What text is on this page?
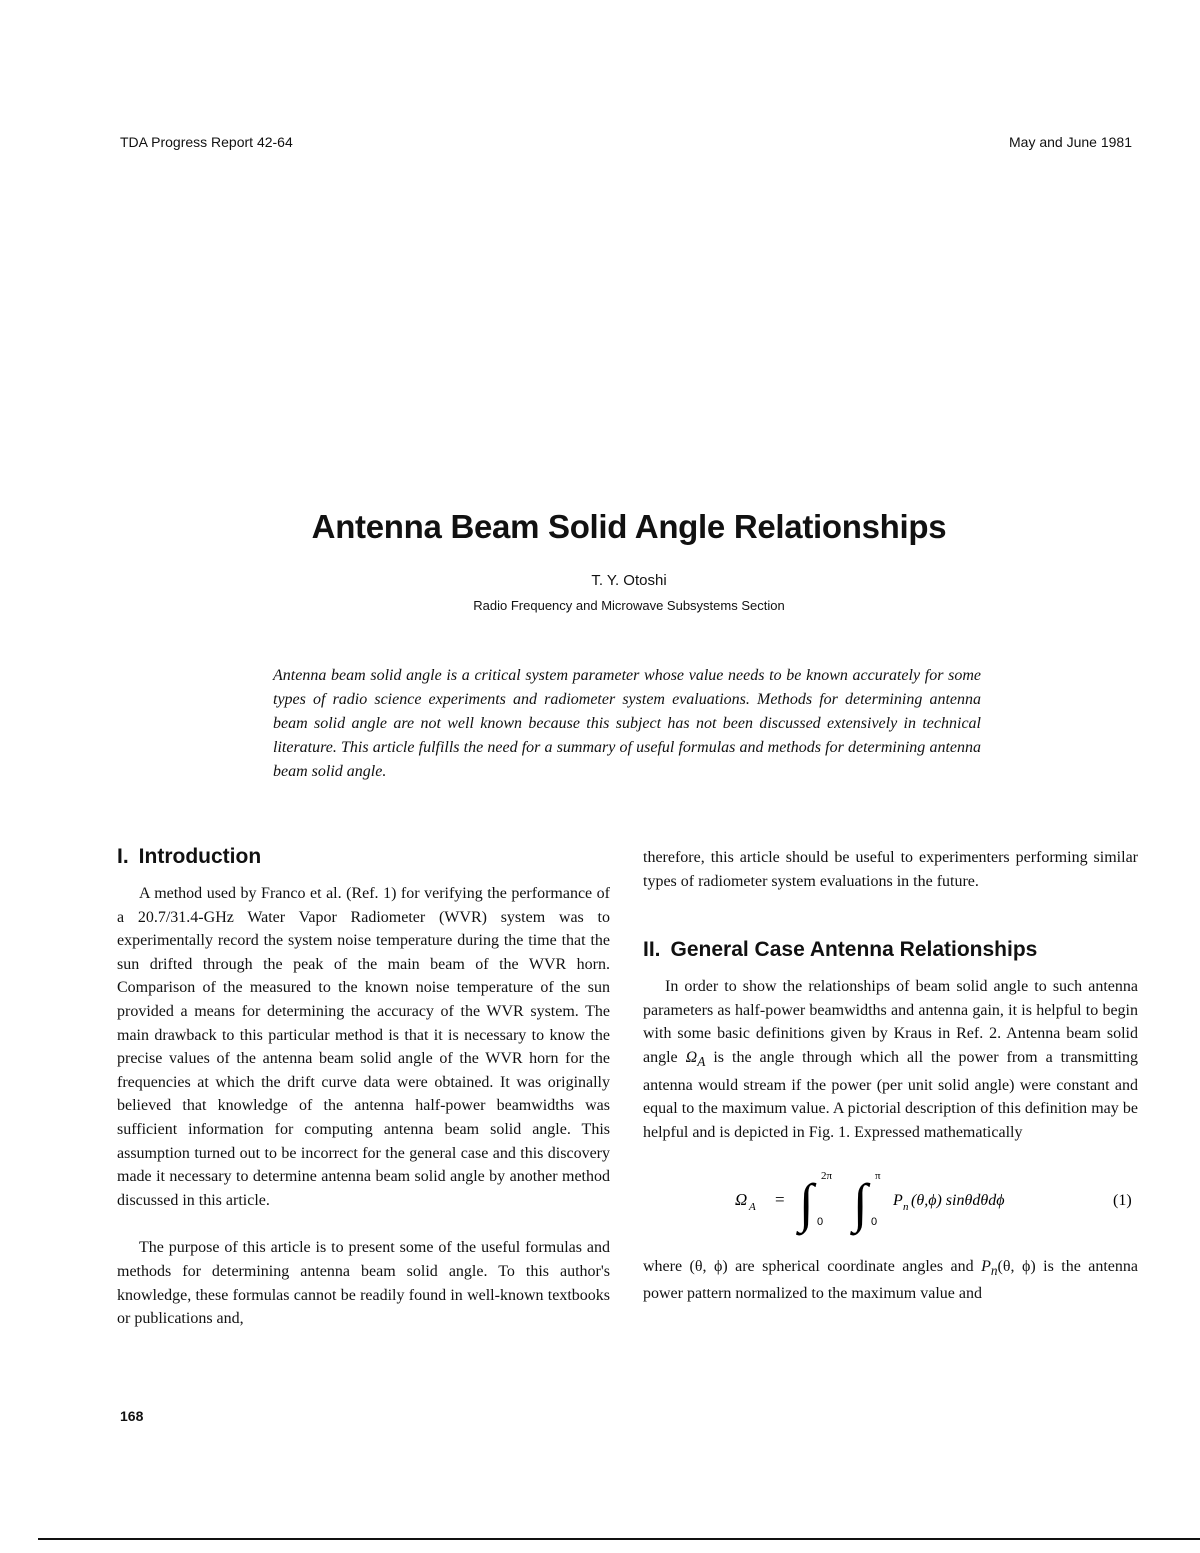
TDA Progress Report 42-64	May and June 1981
Antenna Beam Solid Angle Relationships
T. Y. Otoshi
Radio Frequency and Microwave Subsystems Section
Antenna beam solid angle is a critical system parameter whose value needs to be known accurately for some types of radio science experiments and radiometer system evaluations. Methods for determining antenna beam solid angle are not well known because this subject has not been discussed extensively in technical literature. This article fulfills the need for a summary of useful formulas and methods for determining antenna beam solid angle.
I. Introduction

A method used by Franco et al. (Ref. 1) for verifying the performance of a 20.7/31.4-GHz Water Vapor Radiometer (WVR) system was to experimentally record the system noise temperature during the time that the sun drifted through the peak of the main beam of the WVR horn. Comparison of the measured to the known noise temperature of the sun provided a means for determining the accuracy of the WVR system. The main drawback to this particular method is that it is necessary to know the precise values of the antenna beam solid angle of the WVR horn for the frequencies at which the drift curve data were obtained. It was originally believed that knowledge of the antenna half-power beamwidths was sufficient information for computing antenna beam solid angle. This assumption turned out to be incorrect for the general case and this discovery made it necessary to determine antenna beam solid angle by another method discussed in this article.

The purpose of this article is to present some of the useful formulas and methods for determining antenna beam solid angle. To this author's knowledge, these formulas cannot be readily found in well-known textbooks or publications and,

therefore, this article should be useful to experimenters performing similar types of radiometer system evaluations in the future.

II. General Case Antenna Relationships

In order to show the relationships of beam solid angle to such antenna parameters as half-power beamwidths and antenna gain, it is helpful to begin with some basic definitions given by Kraus in Ref. 2. Antenna beam solid angle $\Omega_A$ is the angle through which all the power from a transmitting antenna would stream if the power (per unit solid angle) were constant and equal to the maximum value. A pictorial description of this definition may be helpful and is depicted in Fig. 1. Expressed mathematically

Ω A = ∫ 2π
0 ∫ π
0
P n (θ,ϕ) sinθdθdϕ	(1)

where (θ, ϕ) are spherical coordinate angles and $P_n(\theta$, ϕ) is the antenna power pattern normalized to the maximum value and

168
